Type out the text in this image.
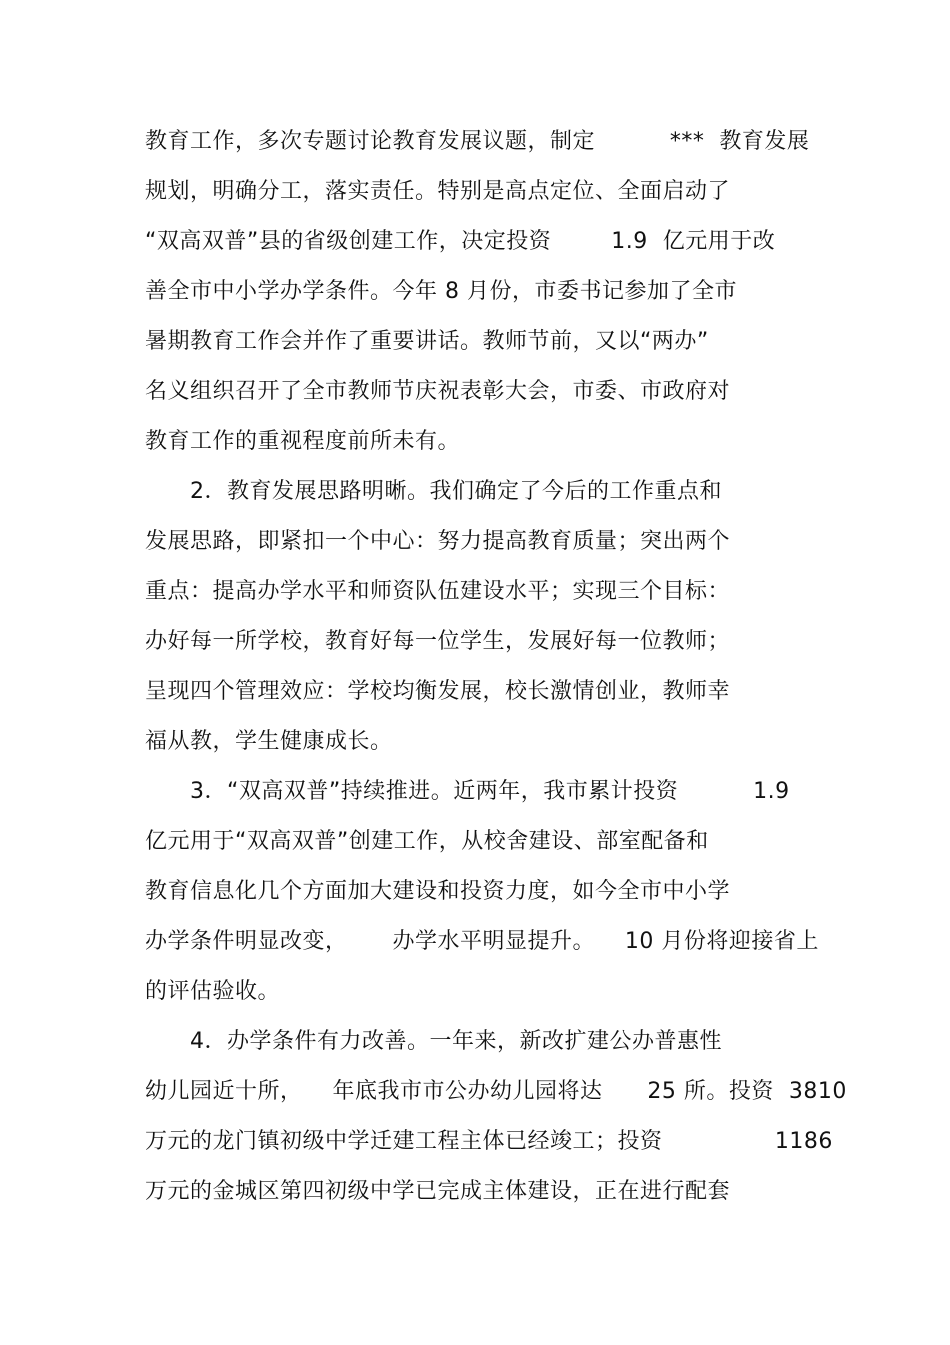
教育工作，多次专题讨论教育发展议题，制定          ***  教育发展
规划，明确分工，落实责任。特别是高点定位、全面启动了
“双高双普”县的省级创建工作，决定投资        1.9  亿元用于改
善全市中小学办学条件。今年 8 月份，市委书记参加了全市
暑期教育工作会并作了重要讲话。教师节前，又以“两办”
名义组织召开了全市教师节庆祝表彰大会，市委、市政府对
教育工作的重视程度前所未有。
2．教育发展思路明晰。我们确定了今后的工作重点和
发展思路，即紧扣一个中心：努力提高教育质量；突出两个
重点：提高办学水平和师资队伍建设水平；实现三个目标：
办好每一所学校，教育好每一位学生，发展好每一位教师；
呈现四个管理效应：学校均衡发展，校长激情创业，教师幸
福从教，学生健康成长。
3．“双高双普”持续推进。近两年，我市累计投资          1.9
亿元用于“双高双普”创建工作，从校舍建设、部室配备和
教育信息化几个方面加大建设和投资力度，如今全市中小学
办学条件明显改变，      办学水平明显提升。    10 月份将迎接省上
的评估验收。
4．办学条件有力改善。一年来，新改扩建公办普惠性
幼儿园近十所，    年底我市市公办幼儿园将达      25 所。投资  3810
万元的龙门镇初级中学迁建工程主体已经竣工；投资               1186
万元的金城区第四初级中学已完成主体建设，正在进行配套
